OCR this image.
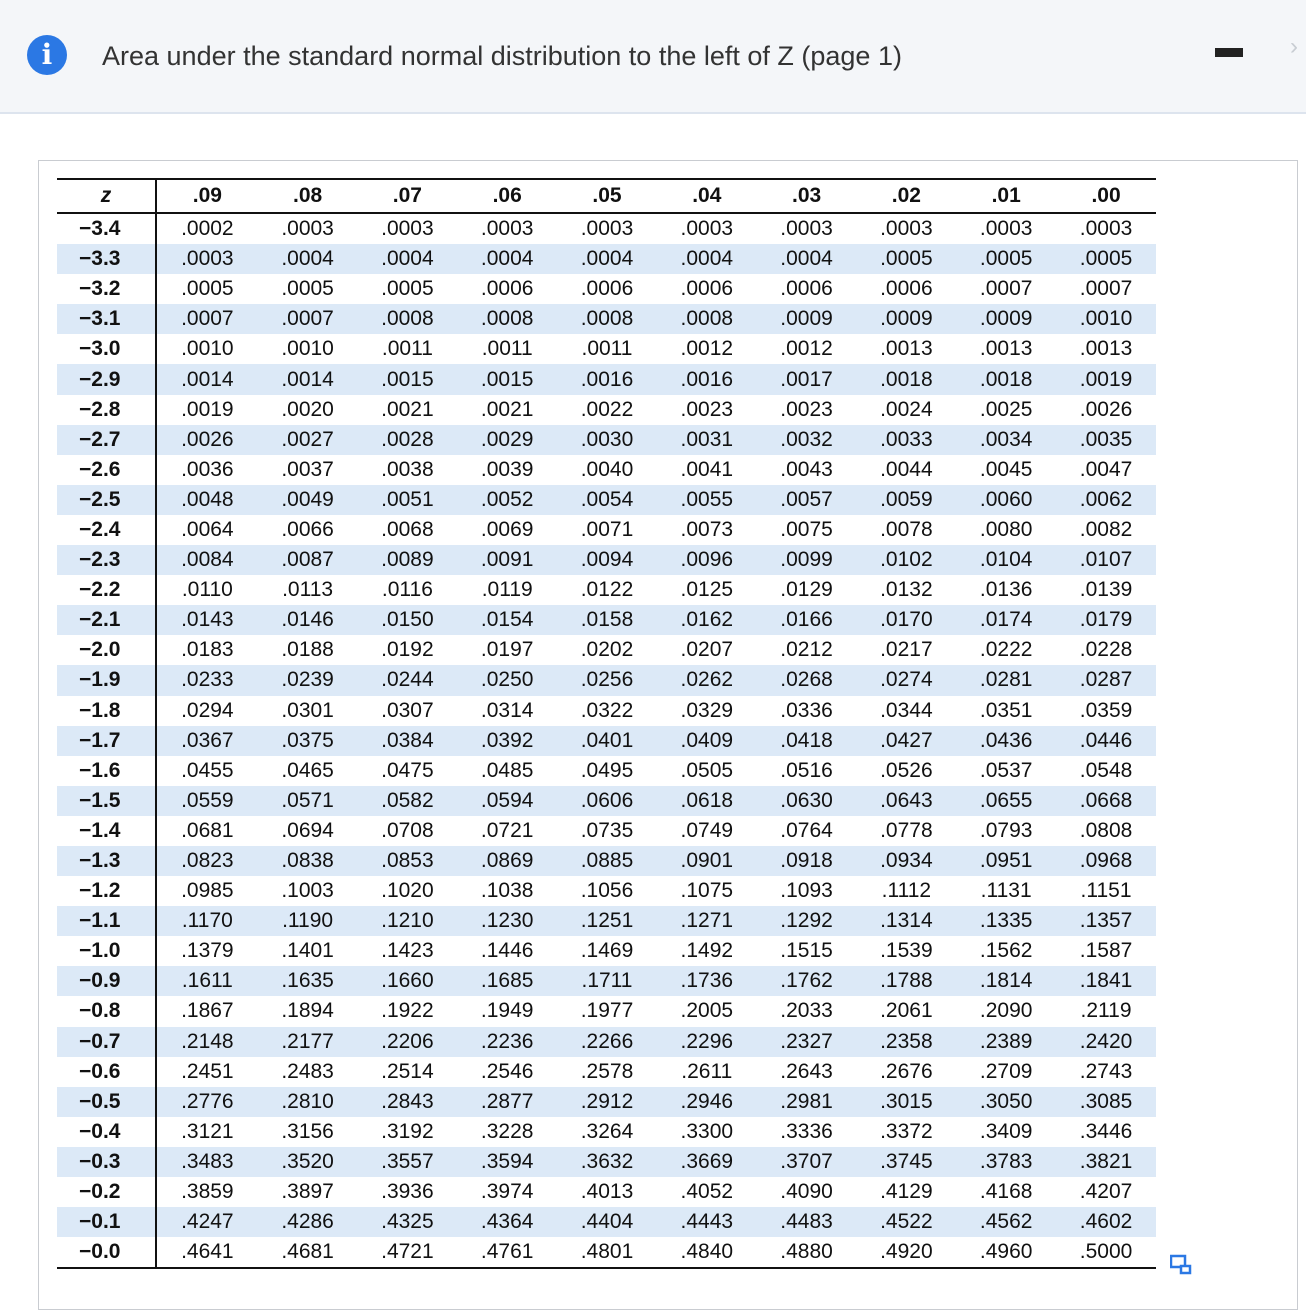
i	Area under the standard normal distribution to the left of Z (page 1)	›
z	.09	.08	.07	.06	.05	.04	.03	.02	.01	.00
−3.4	.0002	.0003	.0003	.0003	.0003	.0003	.0003	.0003	.0003	.0003
−3.3	.0003	.0004	.0004	.0004	.0004	.0004	.0004	.0005	.0005	.0005
−3.2	.0005	.0005	.0005	.0006	.0006	.0006	.0006	.0006	.0007	.0007
−3.1	.0007	.0007	.0008	.0008	.0008	.0008	.0009	.0009	.0009	.0010
−3.0	.0010	.0010	.0011	.0011	.0011	.0012	.0012	.0013	.0013	.0013
−2.9	.0014	.0014	.0015	.0015	.0016	.0016	.0017	.0018	.0018	.0019
−2.8	.0019	.0020	.0021	.0021	.0022	.0023	.0023	.0024	.0025	.0026
−2.7	.0026	.0027	.0028	.0029	.0030	.0031	.0032	.0033	.0034	.0035
−2.6	.0036	.0037	.0038	.0039	.0040	.0041	.0043	.0044	.0045	.0047
−2.5	.0048	.0049	.0051	.0052	.0054	.0055	.0057	.0059	.0060	.0062
−2.4	.0064	.0066	.0068	.0069	.0071	.0073	.0075	.0078	.0080	.0082
−2.3	.0084	.0087	.0089	.0091	.0094	.0096	.0099	.0102	.0104	.0107
−2.2	.0110	.0113	.0116	.0119	.0122	.0125	.0129	.0132	.0136	.0139
−2.1	.0143	.0146	.0150	.0154	.0158	.0162	.0166	.0170	.0174	.0179
−2.0	.0183	.0188	.0192	.0197	.0202	.0207	.0212	.0217	.0222	.0228
−1.9	.0233	.0239	.0244	.0250	.0256	.0262	.0268	.0274	.0281	.0287
−1.8	.0294	.0301	.0307	.0314	.0322	.0329	.0336	.0344	.0351	.0359
−1.7	.0367	.0375	.0384	.0392	.0401	.0409	.0418	.0427	.0436	.0446
−1.6	.0455	.0465	.0475	.0485	.0495	.0505	.0516	.0526	.0537	.0548
−1.5	.0559	.0571	.0582	.0594	.0606	.0618	.0630	.0643	.0655	.0668
−1.4	.0681	.0694	.0708	.0721	.0735	.0749	.0764	.0778	.0793	.0808
−1.3	.0823	.0838	.0853	.0869	.0885	.0901	.0918	.0934	.0951	.0968
−1.2	.0985	.1003	.1020	.1038	.1056	.1075	.1093	.1112	.1131	.1151
−1.1	.1170	.1190	.1210	.1230	.1251	.1271	.1292	.1314	.1335	.1357
−1.0	.1379	.1401	.1423	.1446	.1469	.1492	.1515	.1539	.1562	.1587
−0.9	.1611	.1635	.1660	.1685	.1711	.1736	.1762	.1788	.1814	.1841
−0.8	.1867	.1894	.1922	.1949	.1977	.2005	.2033	.2061	.2090	.2119
−0.7	.2148	.2177	.2206	.2236	.2266	.2296	.2327	.2358	.2389	.2420
−0.6	.2451	.2483	.2514	.2546	.2578	.2611	.2643	.2676	.2709	.2743
−0.5	.2776	.2810	.2843	.2877	.2912	.2946	.2981	.3015	.3050	.3085
−0.4	.3121	.3156	.3192	.3228	.3264	.3300	.3336	.3372	.3409	.3446
−0.3	.3483	.3520	.3557	.3594	.3632	.3669	.3707	.3745	.3783	.3821
−0.2	.3859	.3897	.3936	.3974	.4013	.4052	.4090	.4129	.4168	.4207
−0.1	.4247	.4286	.4325	.4364	.4404	.4443	.4483	.4522	.4562	.4602
−0.0	.4641	.4681	.4721	.4761	.4801	.4840	.4880	.4920	.4960	.5000
